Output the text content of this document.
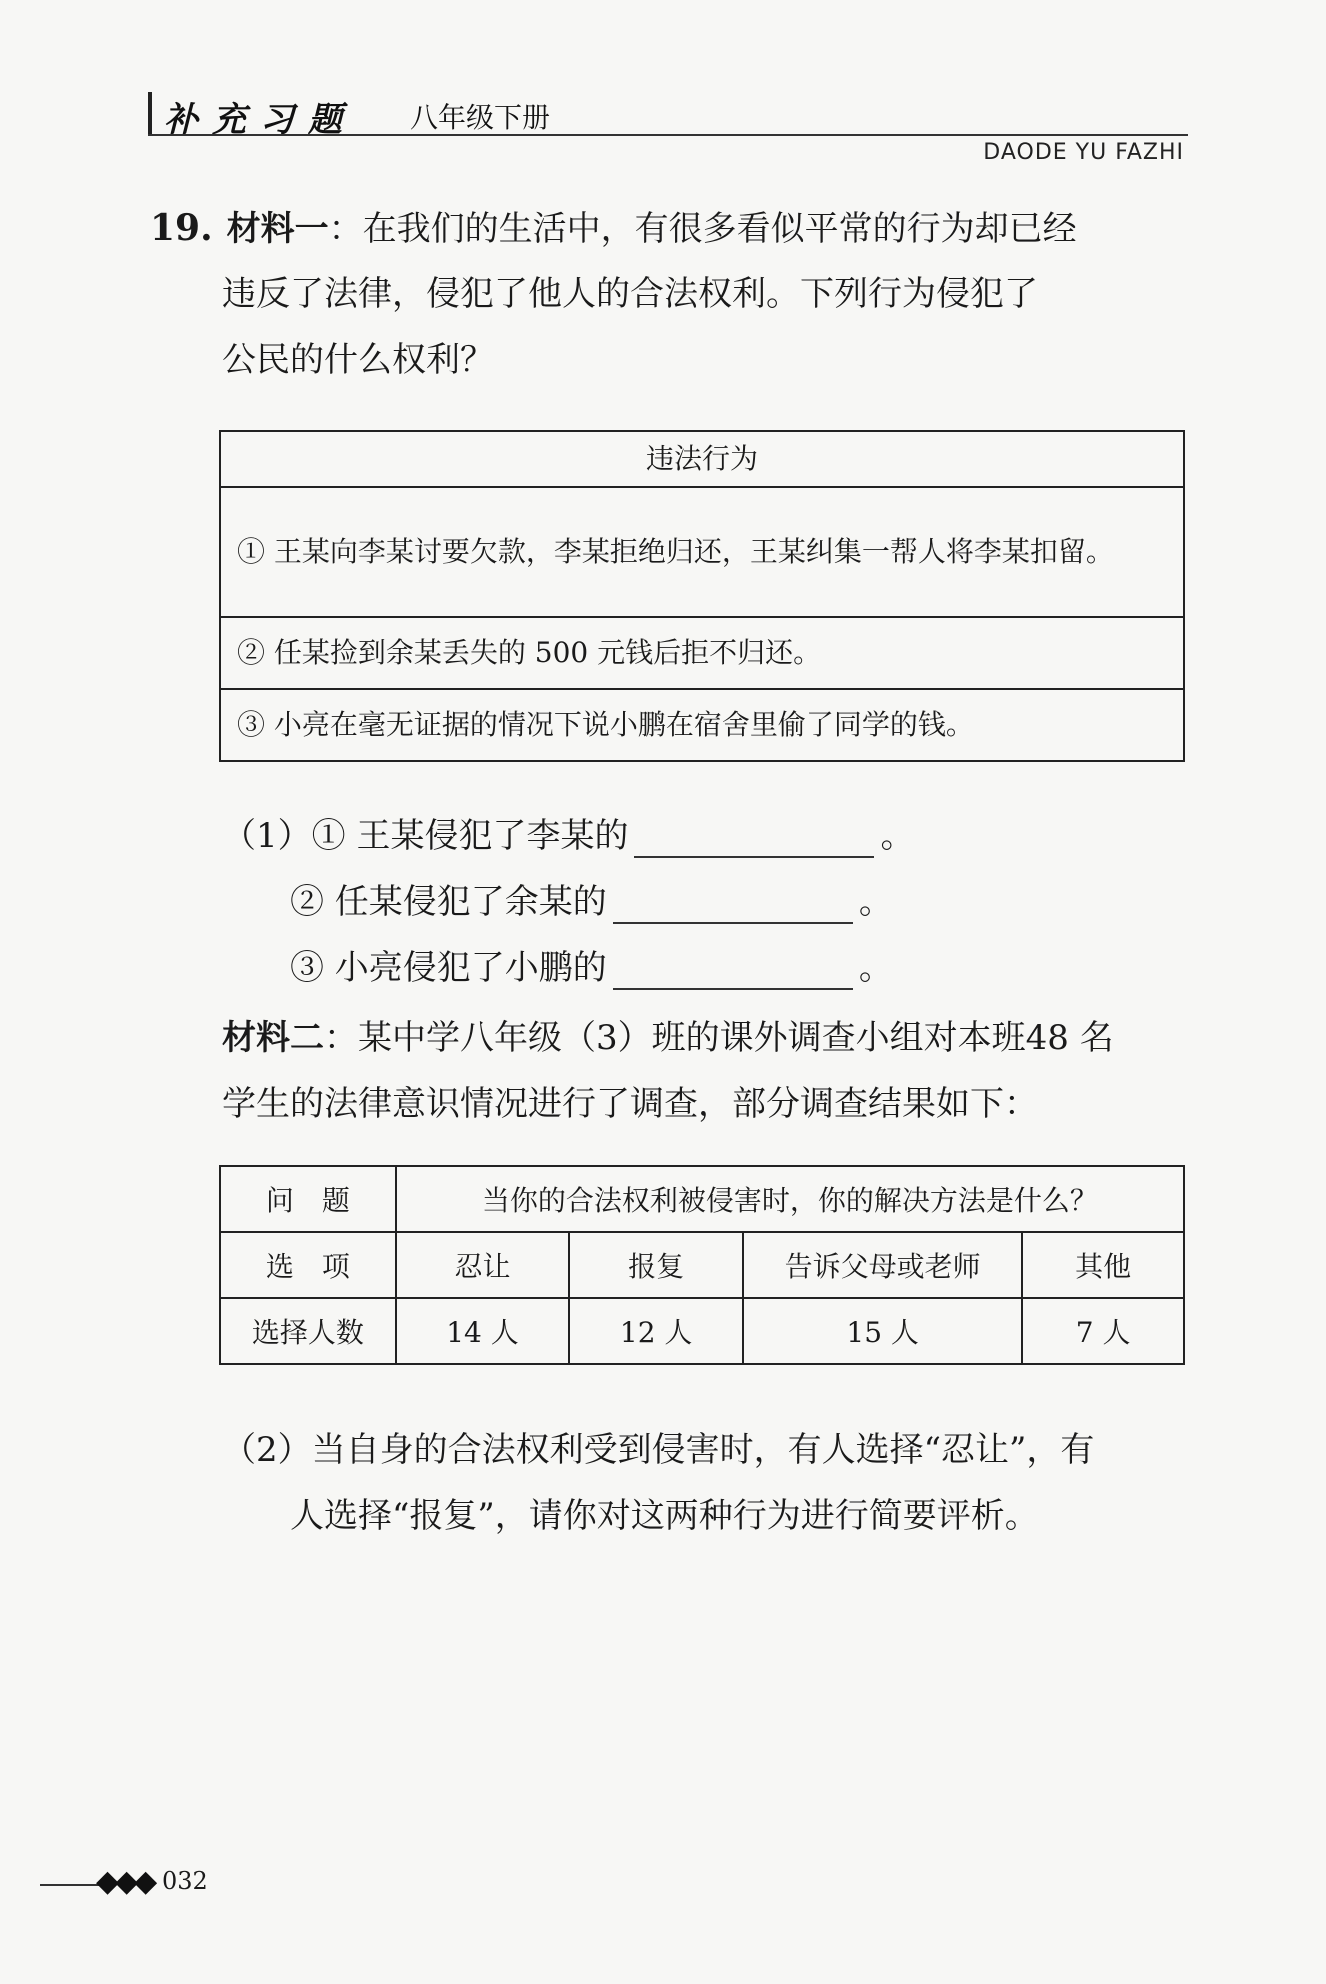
补充习题 八年级下册
DAODE YU FAZHI
19. 材料一：在我们的生活中，有很多看似平常的行为却已经
违反了法律，侵犯了他人的合法权利。下列行为侵犯了
公民的什么权利？
违法行为
① 王某向李某讨要欠款，李某拒绝归还，王某纠集一帮人将李某扣留。
② 任某捡到余某丢失的 500 元钱后拒不归还。
③ 小亮在毫无证据的情况下说小鹏在宿舍里偷了同学的钱。
（1）① 王某侵犯了李某的	。
② 任某侵犯了余某的	。
③ 小亮侵犯了小鹏的	。
材料二：某中学八年级（3）班的课外调查小组对本班48 名
学生的法律意识情况进行了调查，部分调查结果如下：
问　题	当你的合法权利被侵害时，你的解决方法是什么？			
选　项	忍让	报复	告诉父母或老师	其他
选择人数	14 人	12 人	15 人	7 人
（2）当自身的合法权利受到侵害时，有人选择“忍让”，有
人选择“报复”，请你对这两种行为进行简要评析。
◆◆◆ 032
